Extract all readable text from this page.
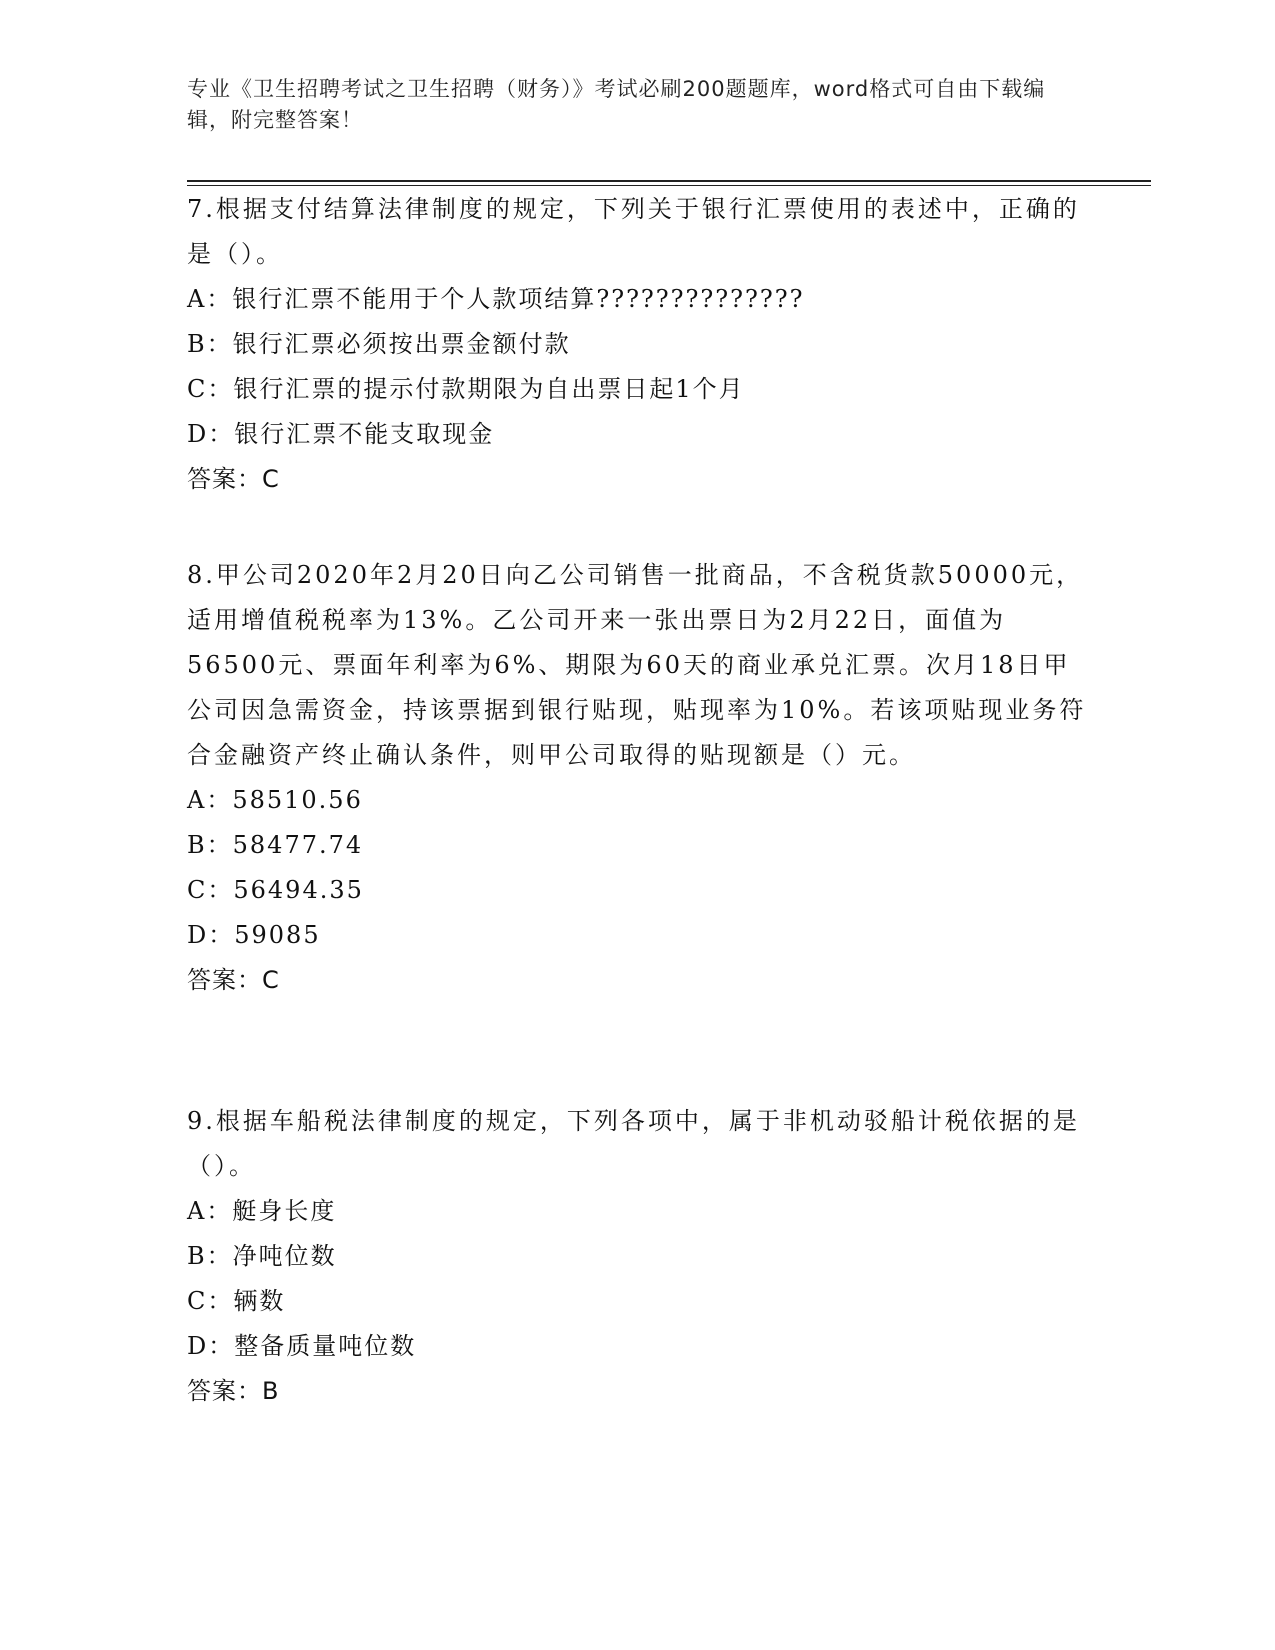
专业《卫生招聘考试之卫生招聘（财务）》考试必刷200题题库，word格式可自由下载编辑，附完整答案！

7.根据支付结算法律制度的规定，下列关于银行汇票使用的表述中，正确的是（）。

A：银行汇票不能用于个人款项结算??????????????

B：银行汇票必须按出票金额付款

C：银行汇票的提示付款期限为自出票日起1个月

D：银行汇票不能支取现金

答案：C

8.甲公司2020年2月20日向乙公司销售一批商品，不含税货款50000元，适用增值税税率为13%。乙公司开来一张出票日为2月22日，面值为56500元、票面年利率为6%、期限为60天的商业承兑汇票。次月18日甲公司因急需资金，持该票据到银行贴现，贴现率为10%。若该项贴现业务符合金融资产终止确认条件，则甲公司取得的贴现额是（）元。

A：58510.56

B：58477.74

C：56494.35

D：59085

答案：C

9.根据车船税法律制度的规定，下列各项中，属于非机动驳船计税依据的是（）。

A：艇身长度

B：净吨位数

C：辆数

D：整备质量吨位数

答案：B
